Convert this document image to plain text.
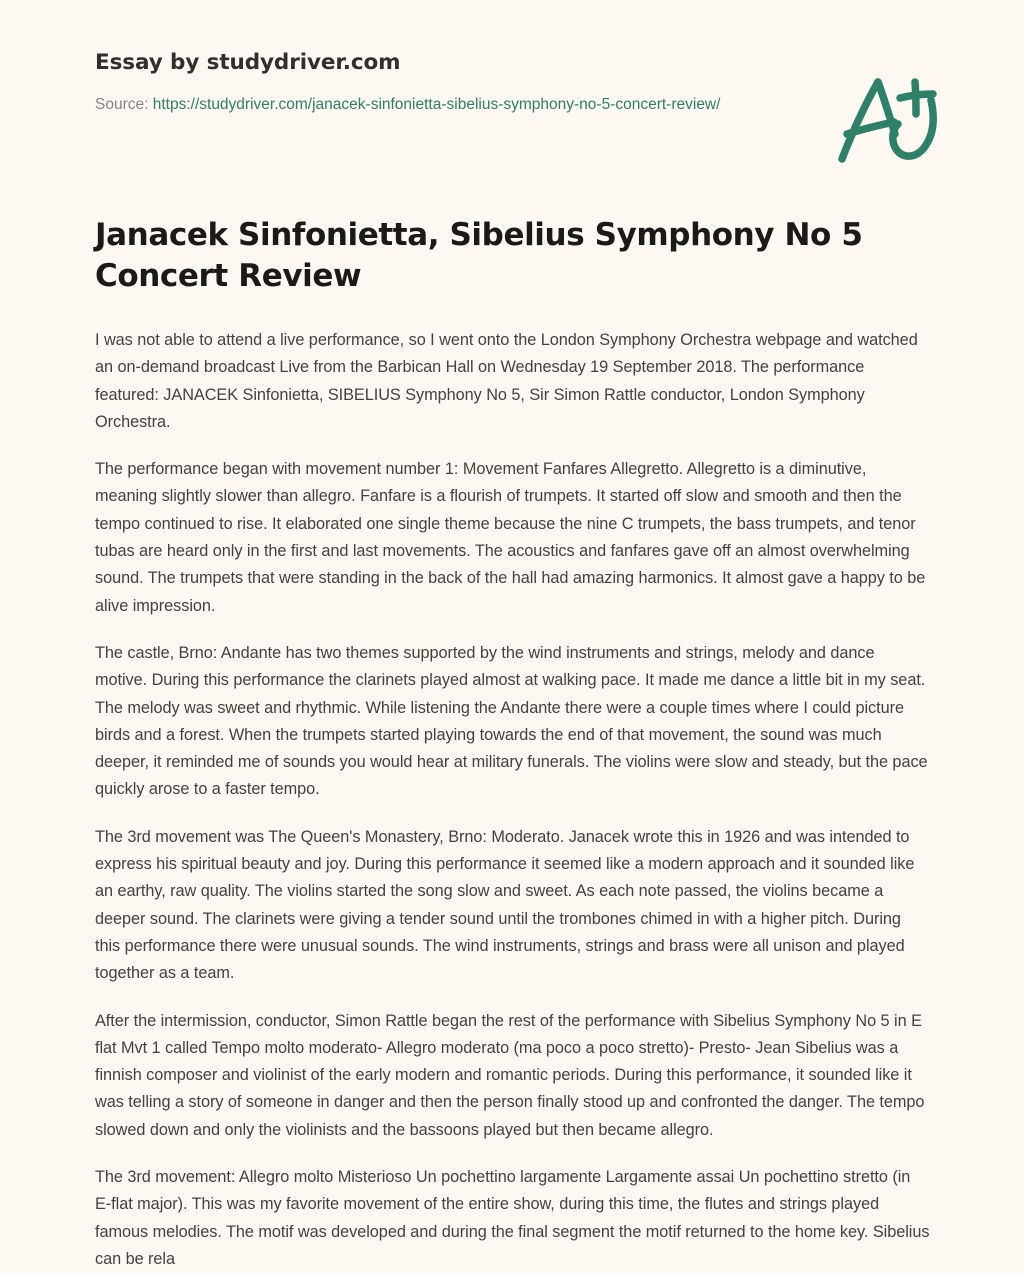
Essay by studydriver.com
Source: https://studydriver.com/janacek-sinfonietta-sibelius-symphony-no-5-concert-review/
Janacek Sinfonietta, Sibelius Symphony No 5 Concert Review

I was not able to attend a live performance, so I went onto the London Symphony Orchestra webpage and watched an on-demand broadcast Live from the Barbican Hall on Wednesday 19 September 2018. The performance featured: JANACEK Sinfonietta, SIBELIUS Symphony No 5, Sir Simon Rattle conductor, London Symphony Orchestra.

The performance began with movement number 1: Movement Fanfares Allegretto. Allegretto is a diminutive, meaning slightly slower than allegro. Fanfare is a flourish of trumpets. It started off slow and smooth and then the tempo continued to rise. It elaborated one single theme because the nine C trumpets, the bass trumpets, and tenor tubas are heard only in the first and last movements. The acoustics and fanfares gave off an almost overwhelming sound. The trumpets that were standing in the back of the hall had amazing harmonics. It almost gave a happy to be alive impression.

The castle, Brno: Andante has two themes supported by the wind instruments and strings, melody and dance motive. During this performance the clarinets played almost at walking pace. It made me dance a little bit in my seat. The melody was sweet and rhythmic. While listening the Andante there were a couple times where I could picture birds and a forest. When the trumpets started playing towards the end of that movement, the sound was much deeper, it reminded me of sounds you would hear at military funerals. The violins were slow and steady, but the pace quickly arose to a faster tempo.

The 3rd movement was The Queen's Monastery, Brno: Moderato. Janacek wrote this in 1926 and was intended to express his spiritual beauty and joy. During this performance it seemed like a modern approach and it sounded like an earthy, raw quality. The violins started the song slow and sweet. As each note passed, the violins became a deeper sound. The clarinets were giving a tender sound until the trombones chimed in with a higher pitch. During this performance there were unusual sounds. The wind instruments, strings and brass were all unison and played together as a team.

After the intermission, conductor, Simon Rattle began the rest of the performance with Sibelius Symphony No 5 in E flat Mvt 1 called Tempo molto moderato- Allegro moderato (ma poco a poco stretto)- Presto- Jean Sibelius was a finnish composer and violinist of the early modern and romantic periods. During this performance, it sounded like it was telling a story of someone in danger and then the person finally stood up and confronted the danger. The tempo slowed down and only the violinists and the bassoons played but then became allegro.

The 3rd movement: Allegro molto Misterioso Un pochettino largamente Largamente assai Un pochettino stretto (in E-flat major). This was my favorite movement of the entire show, during this time, the flutes and strings played famous melodies. The motif was developed and during the final segment the motif returned to the home key. Sibelius can be rela
